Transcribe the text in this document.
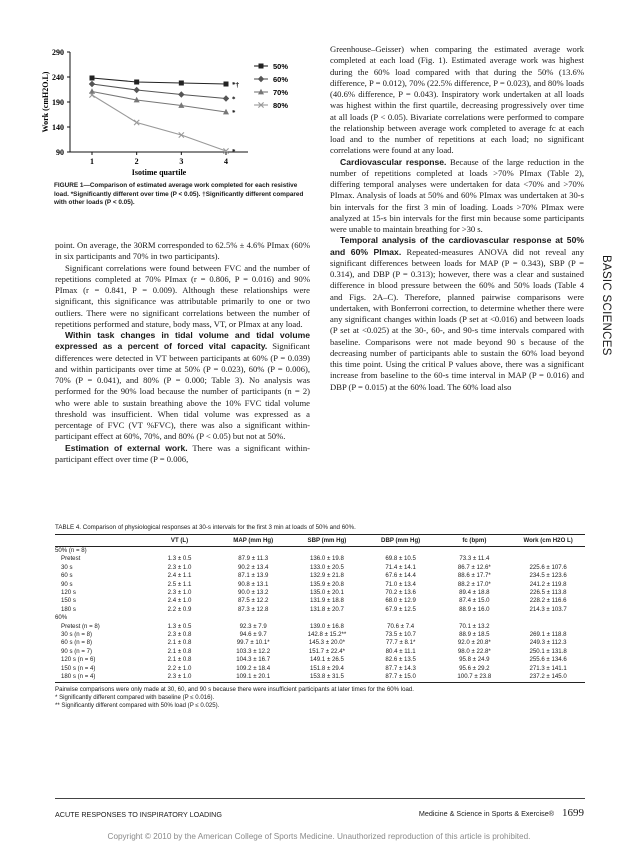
90
140
190
240
290
1	2	3	4
Isotime quartile
Work (cmH2O.L)
50%
60%
70%
80%
*†
*
*
*
FIGURE 1—Comparison of estimated average work completed for each resistive load. *Significantly different over time (P < 0.05). †Significantly different compared with other loads (P < 0.05).

point. On average, the 30RM corresponded to 62.5% ± 4.6% PImax (60% in six participants and 70% in two participants).

Significant correlations were found between FVC and the number of repetitions completed at 70% PImax (r = 0.806, P = 0.016) and 90% PImax (r = 0.841, P = 0.009). Although these relationships were significant, this significance was attributable primarily to one or two outliers. There were no significant correlations between the number of repetitions performed and stature, body mass, VT, or PImax at any load.

Within task changes in tidal volume and tidal volume expressed as a percent of forced vital capacity. Significant differences were detected in VT between participants at 60% (P = 0.039) and within participants over time at 50% (P = 0.023), 60% (P = 0.006), 70% (P = 0.041), and 80% (P = 0.000; Table 3). No analysis was performed for the 90% load because the number of participants (n = 2) who were able to sustain breathing above the 10% FVC tidal volume threshold was insufficient. When tidal volume was expressed as a percentage of FVC (VT %FVC), there was also a significant within-participant effect at 60%, 70%, and 80% (P < 0.05) but not at 50%.

Estimation of external work. There was a significant within-participant effect over time (P = 0.006,

Greenhouse–Geisser) when comparing the estimated average work completed at each load (Fig. 1). Estimated average work was highest during the 60% load compared with that during the 50% (13.6% difference, P = 0.012), 70% (22.5% difference, P = 0.023), and 80% loads (40.6% difference, P = 0.043). Inspiratory work undertaken at all loads was highest within the first quartile, decreasing progressively over time at all loads (P < 0.05). Bivariate correlations were performed to compare the relationship between average work completed to average fc at each load and to the number of repetitions at each load; no significant correlations were found at any load.

Cardiovascular response. Because of the large reduction in the number of repetitions completed at loads >70% PImax (Table 2), differing temporal analyses were undertaken for data <70% and >70% PImax. Analysis of loads at 50% and 60% PImax was undertaken at 30-s bin intervals for the first 3 min of loading. Loads >70% PImax were analyzed at 15-s bin intervals for the first min because some participants were unable to maintain breathing for >30 s.

Temporal analysis of the cardiovascular response at 50% and 60% PImax. Repeated-measures ANOVA did not reveal any significant differences between loads for MAP (P = 0.343), SBP (P = 0.314), and DBP (P = 0.313); however, there was a clear and sustained difference in blood pressure between the 60% and 50% loads (Table 4 and Figs. 2A–C). Therefore, planned pairwise comparisons were undertaken, with Bonferroni correction, to determine whether there were any significant changes within loads (P set at <0.016) and between loads (P set at <0.025) at the 30-, 60-, and 90-s time intervals compared with baseline. Comparisons were not made beyond 90 s because of the decreasing number of participants able to sustain the 60% load beyond this time point. Using the critical P values above, there was a significant increase from baseline to the 60-s time interval in MAP (P = 0.016) and DBP (P = 0.015) at the 60% load. The 60% load also

BASIC SCIENCES
TABLE 4. Comparison of physiological responses at 30-s intervals for the first 3 min at loads of 50% and 60%.
	VT (L)	MAP (mm Hg)	SBP (mm Hg)	DBP (mm Hg)	fc (bpm)	Work (cm H2O L)
50% (n = 8)						
Pretest	1.3 ± 0.5	87.9 ± 11.3	136.0 ± 19.8	69.8 ± 10.5	73.3 ± 11.4	
30 s	2.3 ± 1.0	90.2 ± 13.4	133.0 ± 20.5	71.4 ± 14.1	86.7 ± 12.6*	225.6 ± 107.6
60 s	2.4 ± 1.1	87.1 ± 13.9	132.9 ± 21.8	67.6 ± 14.4	88.6 ± 17.7*	234.5 ± 123.6
90 s	2.5 ± 1.1	90.8 ± 13.1	135.9 ± 20.8	71.0 ± 13.4	88.2 ± 17.0*	241.2 ± 119.8
120 s	2.3 ± 1.0	90.0 ± 13.2	135.0 ± 20.1	70.2 ± 13.6	89.4 ± 18.8	226.5 ± 113.8
150 s	2.4 ± 1.0	87.5 ± 12.2	131.9 ± 18.8	68.0 ± 12.9	87.4 ± 15.0	228.2 ± 116.6
180 s	2.2 ± 0.9	87.3 ± 12.8	131.8 ± 20.7	67.9 ± 12.5	88.9 ± 16.0	214.3 ± 103.7
60%						
Pretest (n = 8)	1.3 ± 0.5	92.3 ± 7.9	139.0 ± 16.8	70.6 ± 7.4	70.1 ± 13.2	
30 s (n = 8)	2.3 ± 0.8	94.6 ± 9.7	142.8 ± 15.2**	73.5 ± 10.7	88.9 ± 18.5	269.1 ± 118.8
60 s (n = 8)	2.1 ± 0.8	99.7 ± 10.1*	145.3 ± 20.0*	77.7 ± 8.1*	92.0 ± 20.8*	249.3 ± 112.3
90 s (n = 7)	2.1 ± 0.8	103.3 ± 12.2	151.7 ± 22.4*	80.4 ± 11.1	98.0 ± 22.8*	250.1 ± 131.8
120 s (n = 6)	2.1 ± 0.8	104.3 ± 16.7	149.1 ± 26.5	82.6 ± 13.5	95.8 ± 24.9	255.6 ± 134.6
150 s (n = 4)	2.2 ± 1.0	109.2 ± 18.4	151.8 ± 29.4	87.7 ± 14.3	95.6 ± 29.2	271.3 ± 141.1
180 s (n = 4)	2.3 ± 1.0	109.1 ± 20.1	153.8 ± 31.5	87.7 ± 15.0	100.7 ± 23.8	237.2 ± 145.0
Pairwise comparisons were only made at 30, 60, and 90 s because there were insufficient participants at later times for the 60% load.
* Significantly different compared with baseline (P ≤ 0.016).
** Significantly different compared with 50% load (P ≤ 0.025).
ACUTE RESPONSES TO INSPIRATORY LOADING	Medicine & Science in Sports & Exercise® 1699
Copyright © 2010 by the American College of Sports Medicine. Unauthorized reproduction of this article is prohibited.
